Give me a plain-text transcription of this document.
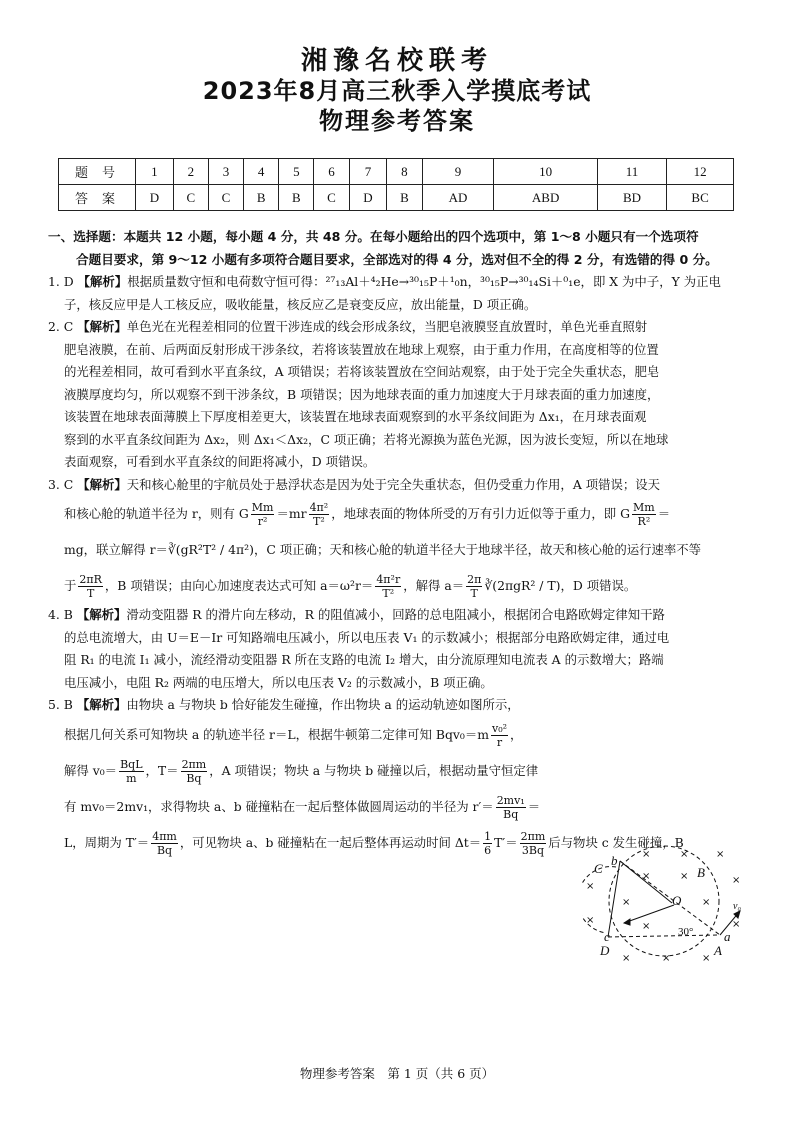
湘豫名校联考
2023年8月高三秋季入学摸底考试
物理参考答案
题号	1	2	3	4	5	6	7	8	9	10	11	12
答案	D	C	C	B	B	C	D	B	AD	ABD	BD	BC

一、选择题：本题共 12 小题，每小题 4 分，共 48 分。在每小题给出的四个选项中，第 1～8 小题只有一个选项符
合题目要求，第 9～12 小题有多项符合题目要求，全部选对的得 4 分，选对但不全的得 2 分，有选错的得 0 分。

1. D 【解析】根据质量数守恒和电荷数守恒可得：²⁷₁₃Al＋⁴₂He→³⁰₁₅P＋¹₀n，³⁰₁₅P→³⁰₁₄Si＋⁰₁e，即 X 为中子，Y 为正电
子，核反应甲是人工核反应，吸收能量，核反应乙是衰变反应，放出能量，D 项正确。

2. C 【解析】单色光在光程差相同的位置干涉连成的线会形成条纹，当肥皂液膜竖直放置时，单色光垂直照射
肥皂液膜，在前、后两面反射形成干涉条纹，若将该装置放在地球上观察，由于重力作用，在高度相等的位置
的光程差相同，故可看到水平直条纹，A 项错误；若将该装置放在空间站观察，由于处于完全失重状态，肥皂
液膜厚度均匀，所以观察不到干涉条纹，B 项错误；因为地球表面的重力加速度大于月球表面的重力加速度，
该装置在地球表面薄膜上下厚度相差更大，该装置在地球表面观察到的水平条纹间距为 Δx₁，在月球表面观
察到的水平直条纹间距为 Δx₂，则 Δx₁＜Δx₂，C 项正确；若将光源换为蓝色光源，因为波长变短，所以在地球
表面观察，可看到水平直条纹的间距将减小，D 项错误。

3. C 【解析】天和核心舱里的宇航员处于悬浮状态是因为处于完全失重状态，但仍受重力作用，A 项错误；设天
和核心舱的轨道半径为 r，则有 G $\frac{Mm}{\text{r²}} =mr \frac{\text{4π²}}{\text{T²}}$ ，地球表面的物体所受的万有引力近似等于重力，即 G $\frac{Mm}{\text{R²}}$ ＝
mg，联立解得 r＝∛(gR²T² / 4π²)，C 项正确；天和核心舱的轨道半径大于地球半径，故天和核心舱的运行速率不等
于 $\frac{2\pi R}{T}$ ，B 项错误；由向心加速度表达式可知 $a=\omega^2r= \frac{\text{4π²r}}{\text{T²}}$ ，解得 $a= \frac{2\pi}{T}$ ∛(2πgR² / T)，D 项错误。

4. B 【解析】滑动变阻器 R 的滑片向左移动，R 的阻值减小，回路的总电阻减小，根据闭合电路欧姆定律知干路
的总电流增大，由 U＝E－Ir 可知路端电压减小，所以电压表 V₁ 的示数减小；根据部分电路欧姆定律，通过电
阻 R₁ 的电流 I₁ 减小，流经滑动变阻器 R 所在支路的电流 I₂ 增大，由分流原理知电流表 A 的示数增大；路端
电压减小，电阻 R₂ 两端的电压增大，所以电压表 V₂ 的示数减小，B 项正确。

5. B 【解析】由物块 a 与物块 b 恰好能发生碰撞，作出物块 a 的运动轨迹如图所示，
根据几何关系可知物块 a 的轨迹半径 r＝L，根据牛顿第二定律可知 $Bqv_0=m \frac{\text{v₀²}}{r}$ ，
解得 $v_0= \frac{\text{BqL}}{m}$ ，$T= \frac{2\pi m}{Bq}$ ，A 项错误；物块 a 与物块 b 碰撞以后，根据动量守恒定律
有 mv₀＝2mv₁，求得物块 a、b 碰撞粘在一起后整体做圆周运动的半径为 $r'= \frac{\text{2mv₁}}{Bq}$ ＝
L，周期为 $T'= \frac{4\pi m}{Bq}$ ，可见物块 a、b 碰撞粘在一起后整体再运动时间 $\Delta t= \frac{1}{6} T'= \frac{2\pi m}{3Bq}$ 后与物块 c 发生碰撞，B

C
b
B
O	v₀
30°
c
D
a
A
×	×	×
×
×	×	×
×	×
×
×	×
×	×	×
物理参考答案　第 1 页（共 6 页）
